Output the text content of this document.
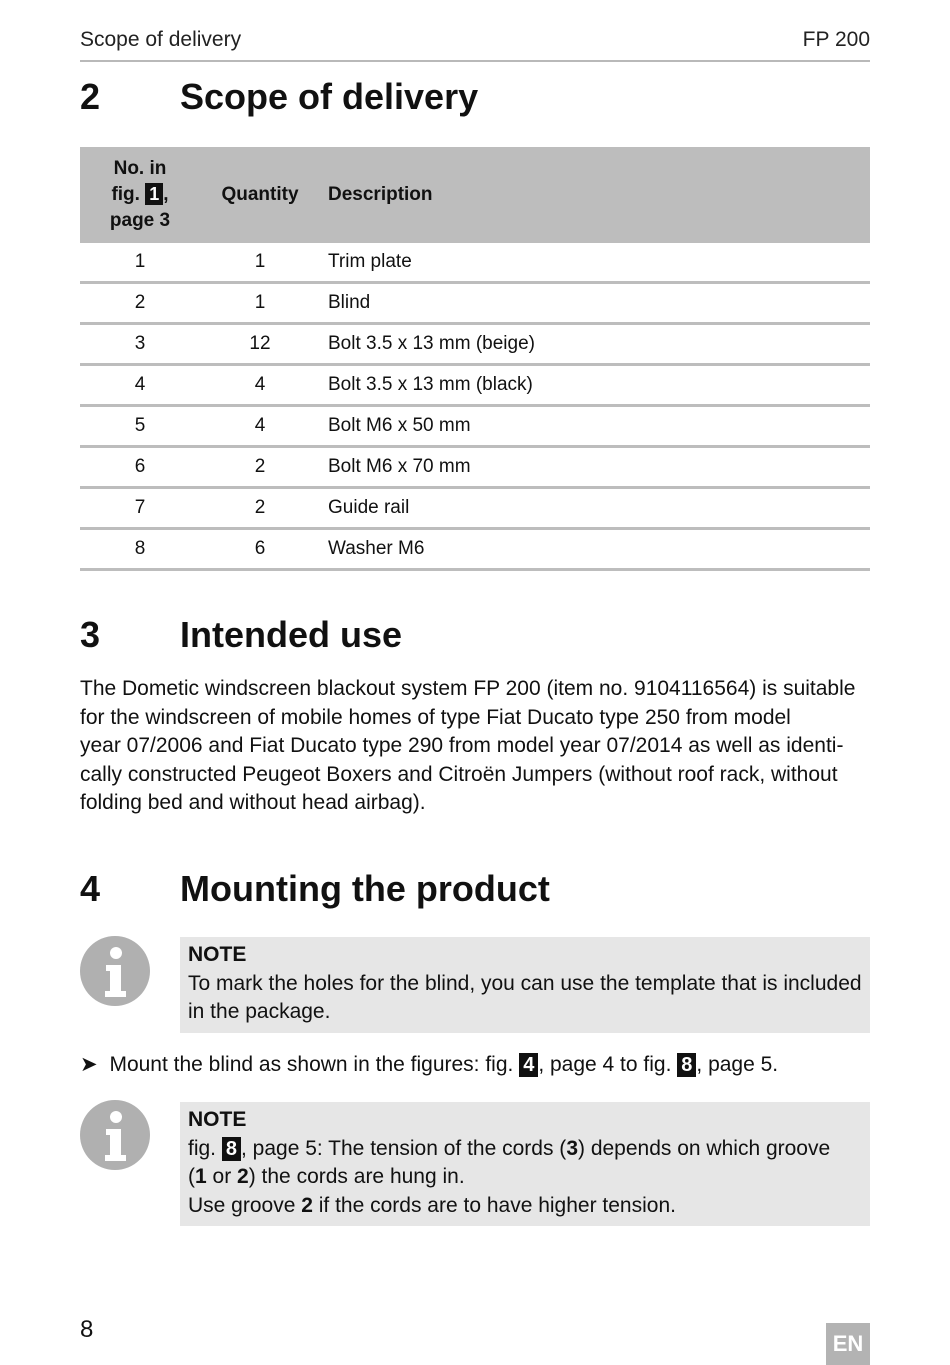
Scope of delivery	FP 200
2 Scope of delivery
No. in
fig. 1 ,
page 3	Quantity	Description
1	1	Trim plate
2	1	Blind
3	12	Bolt 3.5 x 13 mm (beige)
4	4	Bolt 3.5 x 13 mm (black)
5	4	Bolt M6 x 50 mm
6	2	Bolt M6 x 70 mm
7	2	Guide rail
8	6	Washer M6
3 Intended use
The Dometic windscreen blackout system FP 200 (item no. 9104116564) is suitable
for the windscreen of mobile homes of type Fiat Ducato type 250 from model
year 07/2006 and Fiat Ducato type 290 from model year 07/2014 as well as identi-
cally constructed Peugeot Boxers and Citroën Jumpers (without roof rack, without
folding bed and without head airbag).
4 Mounting the product
NOTE
To mark the holes for the blind, you can use the template that is included
in the package.
➤ Mount the blind as shown in the figures: fig. 4 , page 4 to fig. 8 , page 5.
NOTE
fig. 8 , page 5: The tension of the cords (3) depends on which groove
(1 or 2) the cords are hung in.
Use groove 2 if the cords are to have higher tension.
8
EN
